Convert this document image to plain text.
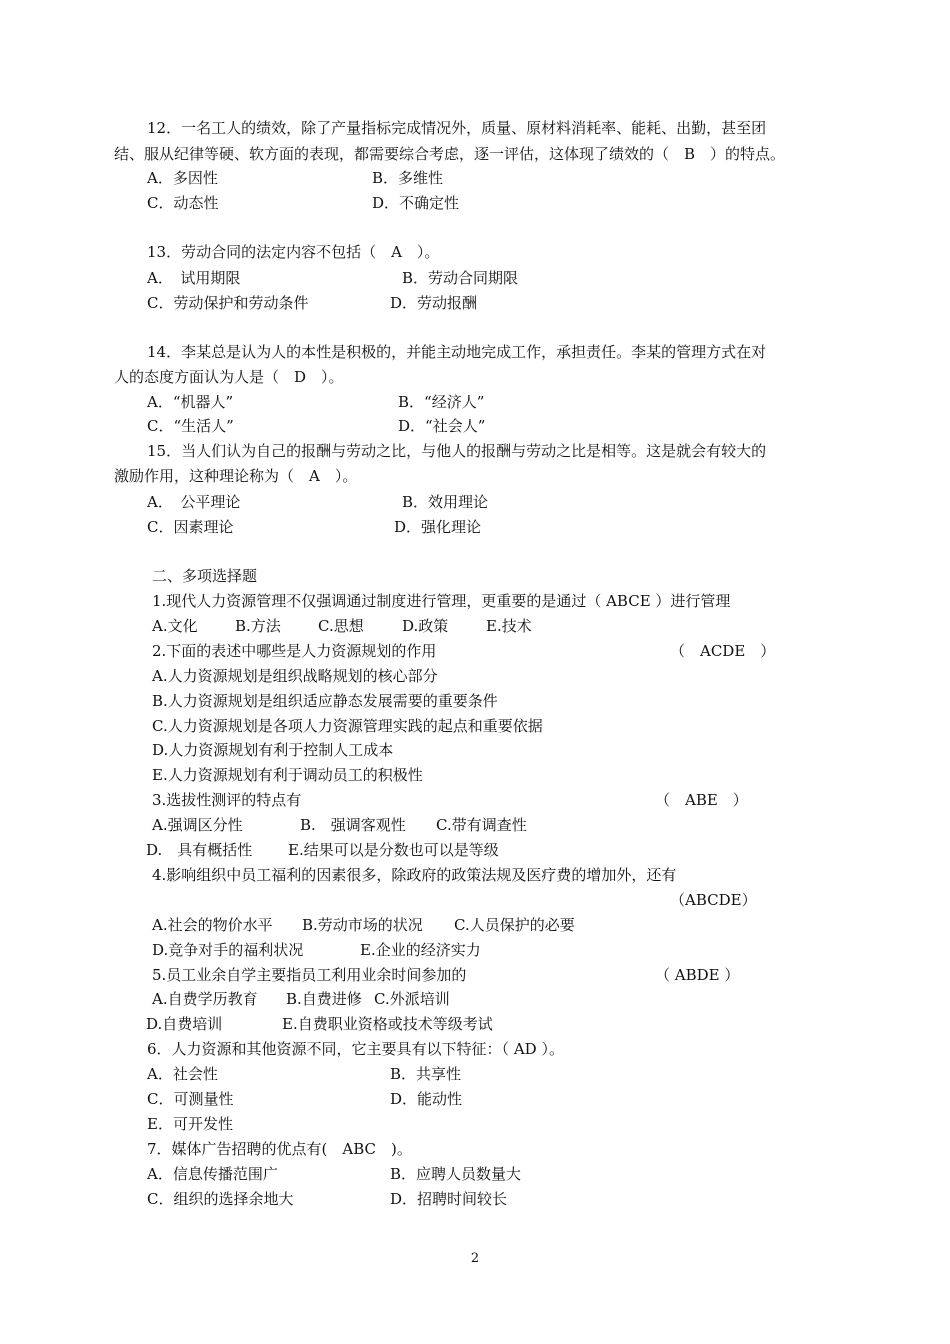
12．一名工人的绩效，除了产量指标完成情况外，质量、原材料消耗率、能耗、出勤，甚至团
结、服从纪律等硬、软方面的表现，都需要综合考虑，逐一评估，这体现了绩效的（　B　）的特点。
A．多因性	B．多维性
C．动态性	D．不确定性
13．劳动合同的法定内容不包括（　A　）。
A．　试用期限	B．劳动合同期限
C．劳动保护和劳动条件	D．劳动报酬
14．李某总是认为人的本性是积极的，并能主动地完成工作，承担责任。李某的管理方式在对
人的态度方面认为人是（　D　）。
A．“机器人”	B．“经济人”
C．“生活人”	D．“社会人”
15．当人们认为自己的报酬与劳动之比，与他人的报酬与劳动之比是相等。这是就会有较大的
激励作用，这种理论称为（　A　）。
A．　公平理论	B．效用理论
C．因素理论	D．强化理论
二、多项选择题
1.现代人力资源管理不仅强调通过制度进行管理，更重要的是通过（ ABCE ）进行管理
A.文化 B.方法 C.思想	D.政策	E.技术
2.下面的表述中哪些是人力资源规划的作用	（　ACDE　）
A.人力资源规划是组织战略规划的核心部分
B.人力资源规划是组织适应静态发展需要的重要条件
C.人力资源规划是各项人力资源管理实践的起点和重要依据
D.人力资源规划有利于控制人工成本
E.人力资源规划有利于调动员工的积极性
3.选拔性测评的特点有	（　ABE　）
A.强调区分性	B.　强调客观性 C.带有调查性
D.　具有概括性 E.结果可以是分数也可以是等级
4.影响组织中员工福利的因素很多，除政府的政策法规及医疗费的增加外，还有
（ABCDE）
A.社会的物价水平 B.劳动市场的状况 C.人员保护的必要
D.竞争对手的福利状况	E.企业的经济实力
5.员工业余自学主要指员工利用业余时间参加的	（ ABDE ）
A.自费学历教育 B.自费进修 C.外派培训
D.自费培训	E.自费职业资格或技术等级考试
6．人力资源和其他资源不同，它主要具有以下特征：（ AD ）。
A．社会性	B．共享性
C．可测量性	D．能动性
E．可开发性
7．媒体广告招聘的优点有(　ABC　)。
A．信息传播范围广	B．应聘人员数量大
C．组织的选择余地大	D．招聘时间较长
2
